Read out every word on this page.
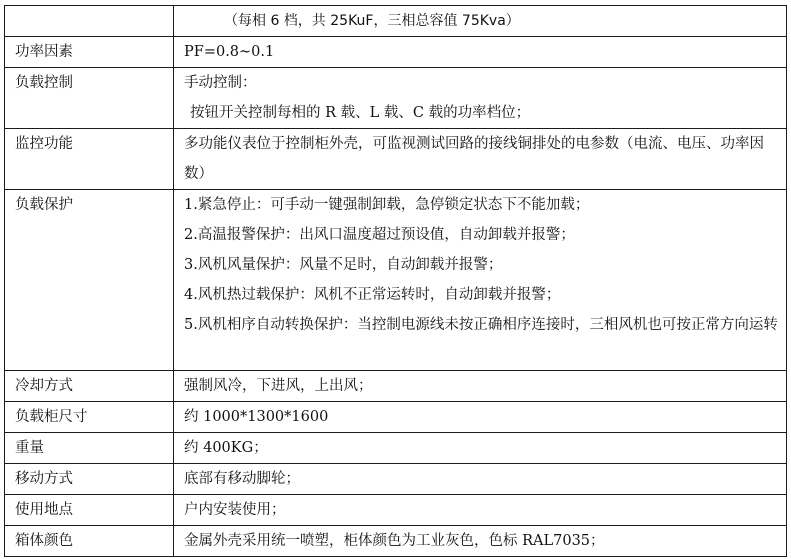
	（每相 6 档，共 25KuF，三相总容值 75Kva）

功率因素	PF=0.8~0.1

负载控制	手动控制：
按钮开关控制每相的 R 载、L 载、C 载的功率档位；

监控功能	多功能仪表位于控制柜外壳，可监视测试回路的接线铜排处的电参数（电流、电压、功率因数）

负载保护	1.紧急停止：可手动一键强制卸载，急停锁定状态下不能加载；
2.高温报警保护：出风口温度超过预设值，自动卸载并报警；
3.风机风量保护：风量不足时，自动卸载并报警；
4.风机热过载保护：风机不正常运转时，自动卸载并报警；
5.风机相序自动转换保护：当控制电源线未按正确相序连接时，三相风机也可按正常方向运转

冷却方式	强制风冷，下进风，上出风；

负载柜尺寸	约 1000*1300*1600

重量	约 400KG；

移动方式	底部有移动脚轮；

使用地点	户内安装使用；

箱体颜色	金属外壳采用统一喷塑，柜体颜色为工业灰色，色标 RAL7035；
